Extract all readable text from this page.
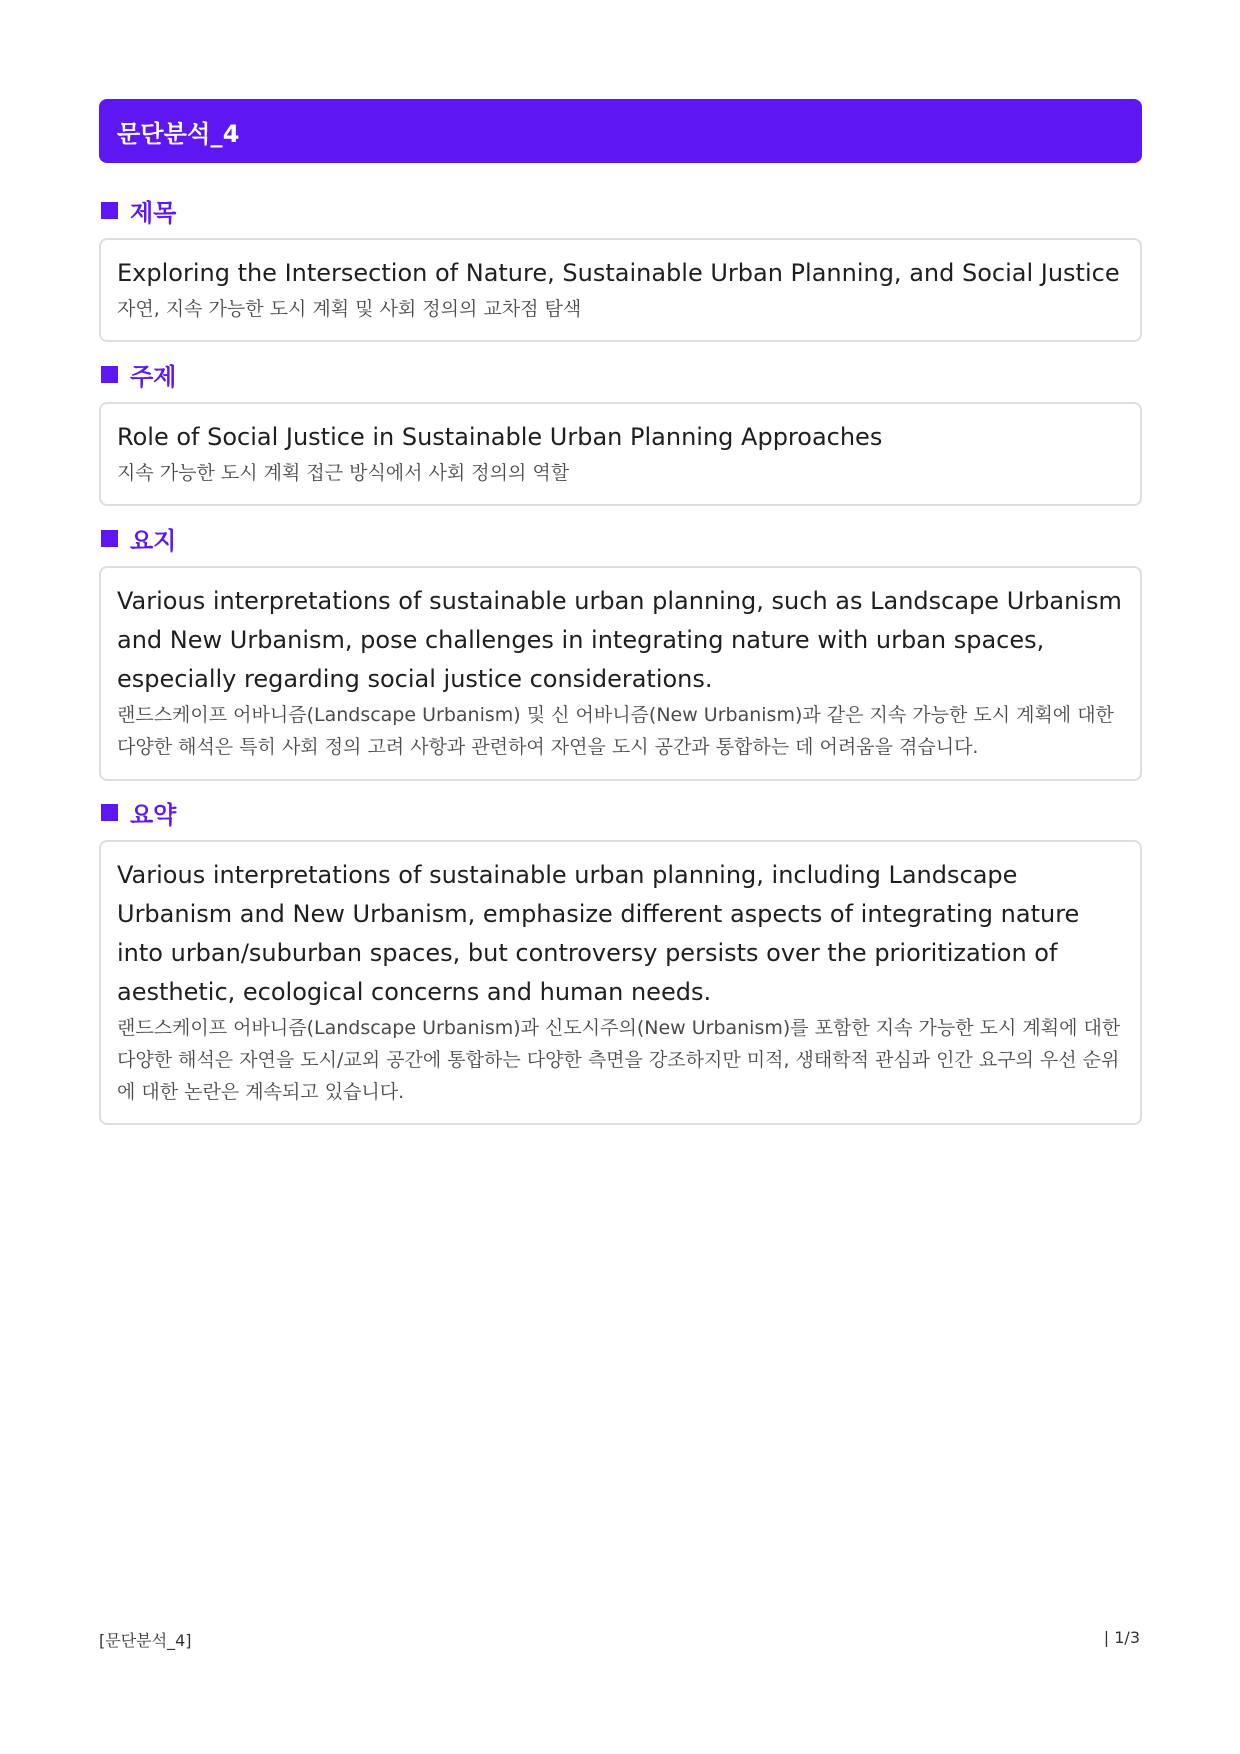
문단분석_4
제목
Exploring the Intersection of Nature, Sustainable Urban Planning, and Social Justice
자연, 지속 가능한 도시 계획 및 사회 정의의 교차점 탐색
주제
Role of Social Justice in Sustainable Urban Planning Approaches
지속 가능한 도시 계획 접근 방식에서 사회 정의의 역할
요지
Various interpretations of sustainable urban planning, such as Landscape Urbanism and New Urbanism, pose challenges in integrating nature with urban spaces, especially regarding social justice considerations.
랜드스케이프 어바니즘(Landscape Urbanism) 및 신 어바니즘(New Urbanism)과 같은 지속 가능한 도시 계획에 대한 다양한 해석은 특히 사회 정의 고려 사항과 관련하여 자연을 도시 공간과 통합하는 데 어려움을 겪습니다.
요약
Various interpretations of sustainable urban planning, including Landscape Urbanism and New Urbanism, emphasize different aspects of integrating nature into urban/suburban spaces, but controversy persists over the prioritization of aesthetic, ecological concerns and human needs.
랜드스케이프 어바니즘(Landscape Urbanism)과 신도시주의(New Urbanism)를 포함한 지속 가능한 도시 계획에 대한 다양한 해석은 자연을 도시/교외 공간에 통합하는 다양한 측면을 강조하지만 미적, 생태학적 관심과 인간 요구의 우선 순위에 대한 논란은 계속되고 있습니다.
[문단분석_4]	| 1/3
